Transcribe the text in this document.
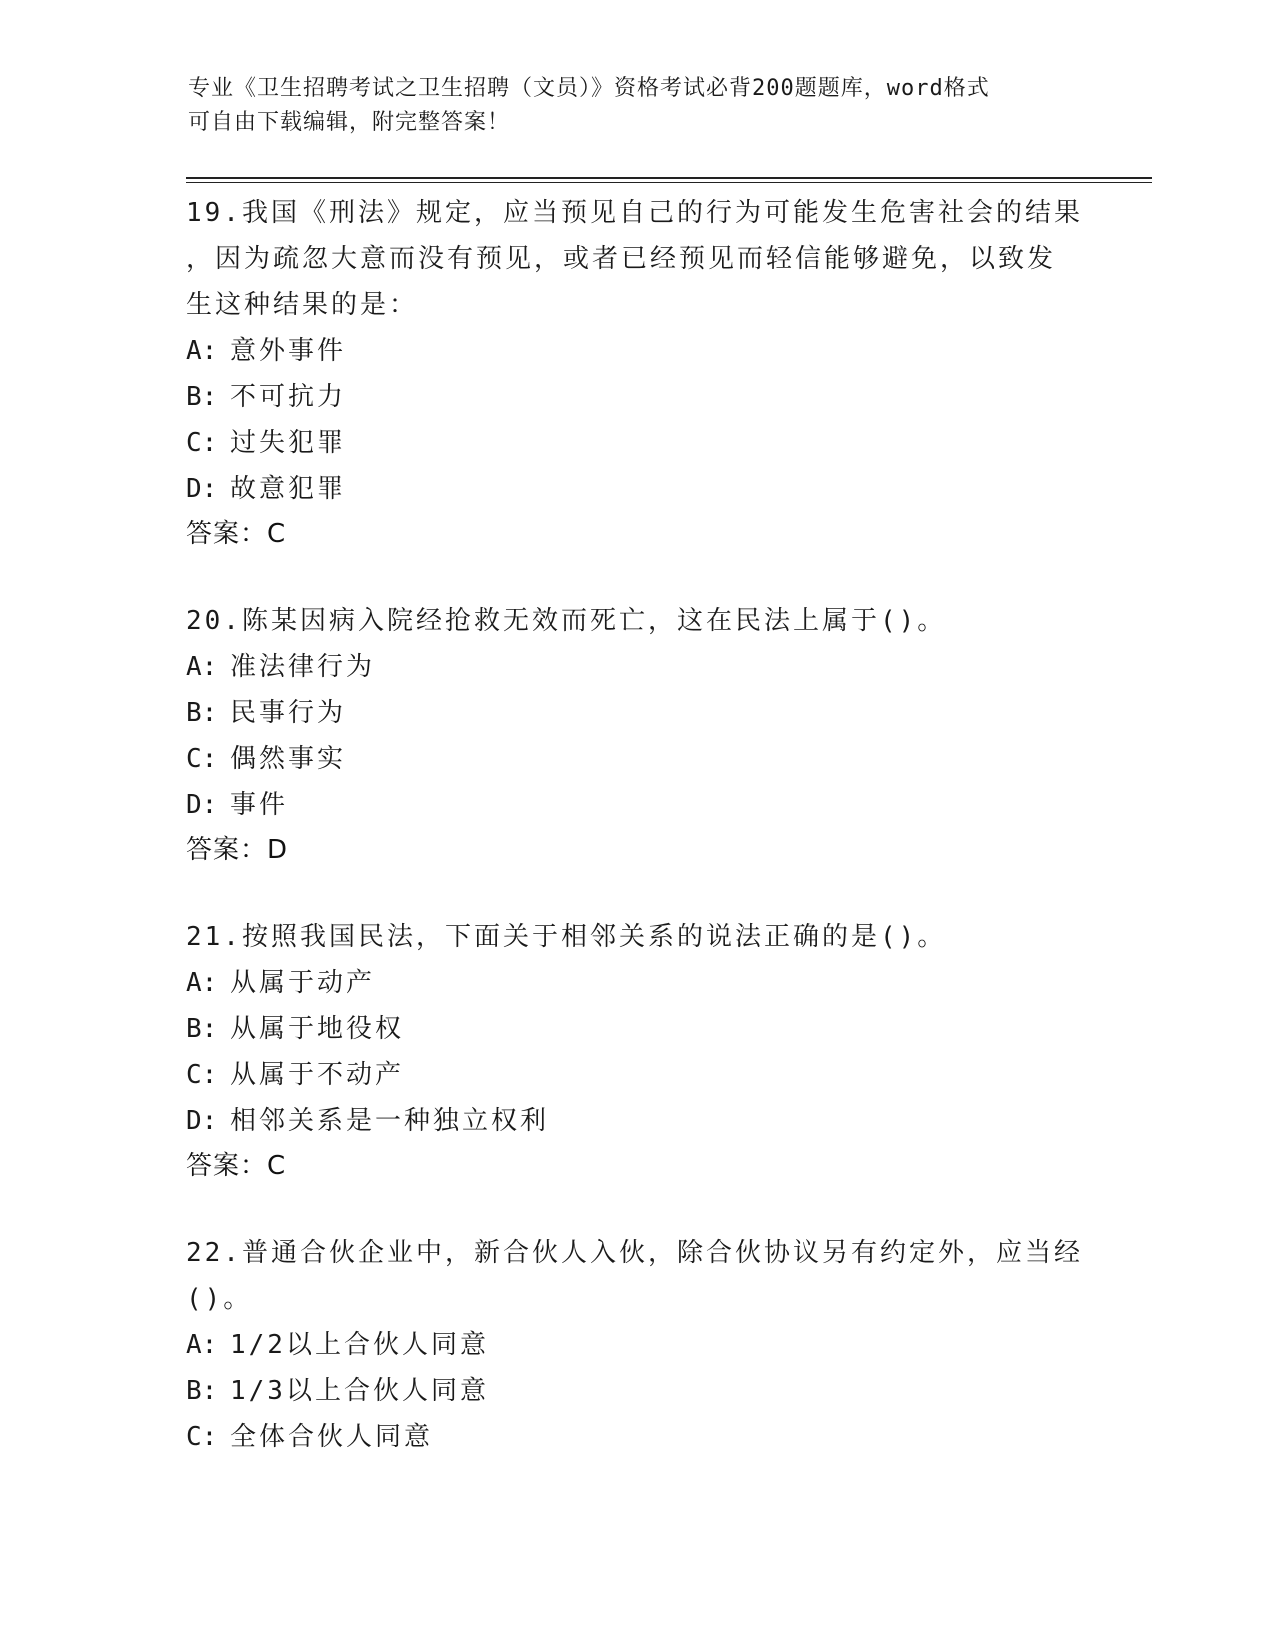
专业《卫生招聘考试之卫生招聘（文员）》资格考试必背200题题库，word格式
可自由下载编辑，附完整答案！
19.我国《刑法》规定，应当预见自己的行为可能发生危害社会的结果
，因为疏忽大意而没有预见，或者已经预见而轻信能够避免，以致发
生这种结果的是：
A: 意外事件
B: 不可抗力
C: 过失犯罪
D: 故意犯罪
答案：C
20.陈某因病入院经抢救无效而死亡，这在民法上属于()。
A: 准法律行为
B: 民事行为
C: 偶然事实
D: 事件
答案：D
21.按照我国民法，下面关于相邻关系的说法正确的是()。
A: 从属于动产
B: 从属于地役权
C: 从属于不动产
D: 相邻关系是一种独立权利
答案：C
22.普通合伙企业中，新合伙人入伙，除合伙协议另有约定外，应当经
()。
A: 1/2以上合伙人同意
B: 1/3以上合伙人同意
C: 全体合伙人同意
